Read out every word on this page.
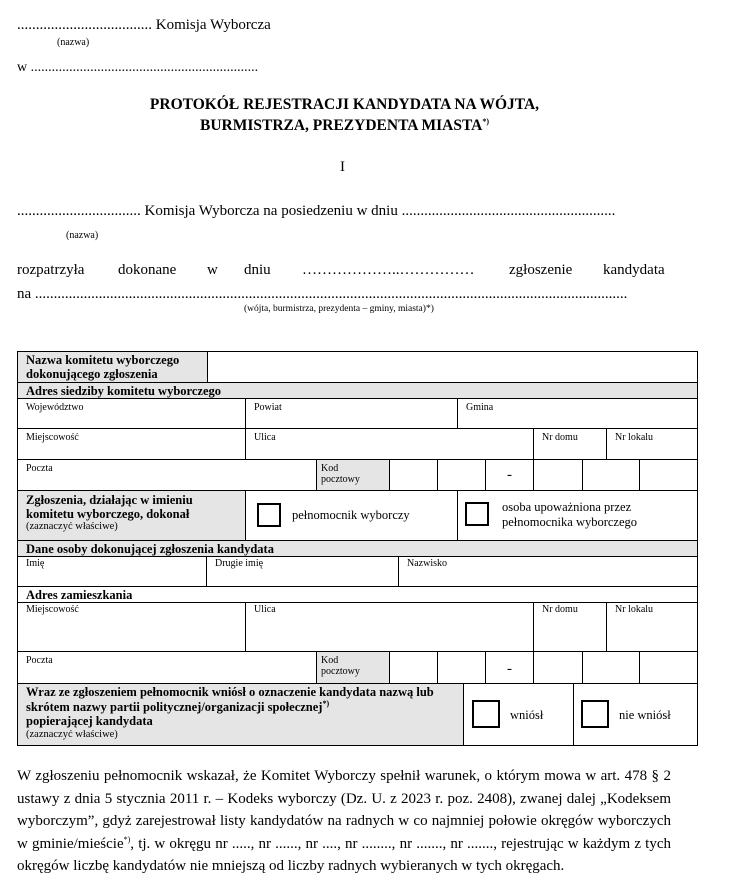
.................................... Komisja Wyborcza
(nazwa)
w .................................................................
PROTOKÓŁ REJESTRACJI KANDYDATA NA WÓJTA,
BURMISTRZA, PREZYDENTA MIASTA*)
I
................................. Komisja Wyborcza na posiedzeniu w dniu .........................................................
(nazwa)
rozpatrzyła dokonane w dniu ………………..…………… zgłoszenie kandydata
na ..............................................................................................................................................................
(wójta, burmistrza, prezydenta – gminy, miasta)*)
Nazwa komitetu wyborczego dokonującego zgłoszenia
Adres siedziby komitetu wyborczego
Województwo	Powiat	Gmina
Miejscowość	Ulica	Nr domu	Nr lokalu
Poczta	Kod pocztowy	-
Zgłoszenia, działając w imieniu komitetu wyborczego, dokonał
(zaznaczyć właściwe)
pełnomocnik wyborczy
osoba upoważniona przez pełnomocnika wyborczego
Dane osoby dokonującej zgłoszenia kandydata
Imię	Drugie imię	Nazwisko
Adres zamieszkania
Miejscowość	Ulica	Nr domu	Nr lokalu
Poczta	Kod pocztowy	-
Wraz ze zgłoszeniem pełnomocnik wniósł o oznaczenie kandydata nazwą lub skrótem nazwy partii politycznej/organizacji społecznej*)
popierającej kandydata
(zaznaczyć właściwe)
wniósł	nie wniósł
W zgłoszeniu pełnomocnik wskazał, że Komitet Wyborczy spełnił warunek, o którym mowa w art. 478 § 2 ustawy z dnia 5 stycznia 2011 r. – Kodeks wyborczy (Dz. U. z 2023 r. poz. 2408), zwanej dalej „Kodeksem wyborczym”, gdyż zarejestrował listy kandydatów na radnych w co najmniej połowie okręgów wyborczych w gminie/mieście*), tj. w okręgu nr ....., nr ......, nr ...., nr ........, nr ......., nr ......., rejestrując w każdym z tych okręgów liczbę kandydatów nie mniejszą od liczby radnych wybieranych w tych okręgach.
